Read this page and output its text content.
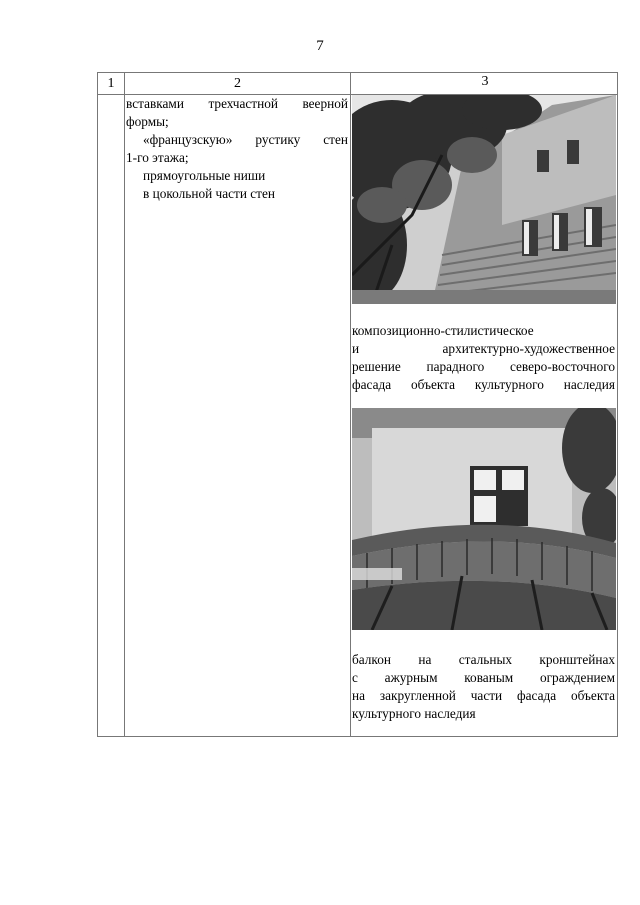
7
1	2	3

вставками трехчастной веерной

формы;

«французскую» рустику стен

1-го этажа;

прямоугольные ниши

в цокольной части стен

композиционно-стилистическое

и архитектурно-художественное

решение парадного северо-восточного

фасада объекта культурного наследия

балкон на стальных кронштейнах

с ажурным кованым ограждением

на закругленной части фасада объекта

культурного наследия
